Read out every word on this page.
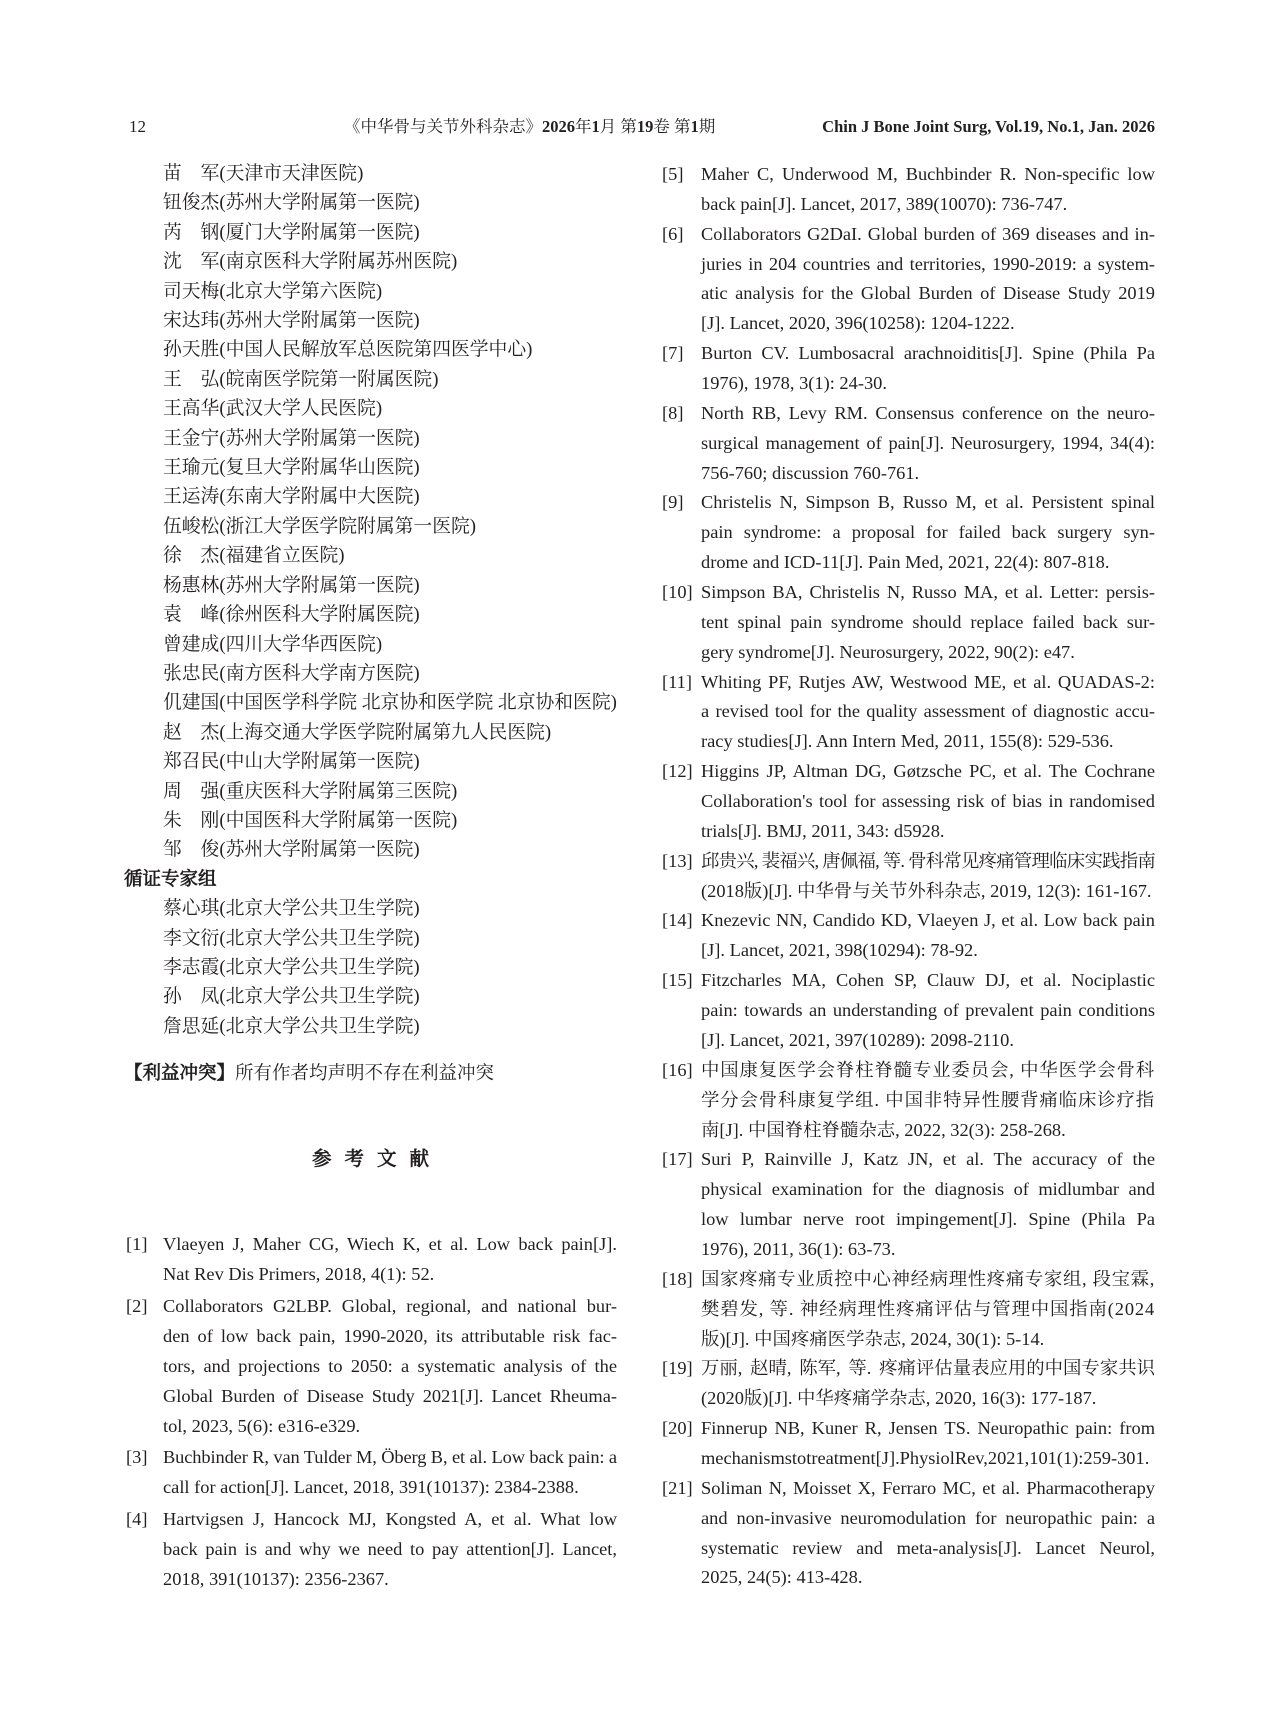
12	《中华骨与关节外科杂志》2026年1月 第19卷 第1期	Chin J Bone Joint Surg, Vol.19, No.1, Jan. 2026
苗　军(天津市天津医院)
钮俊杰(苏州大学附属第一医院)
芮　钢(厦门大学附属第一医院)
沈　军(南京医科大学附属苏州医院)
司天梅(北京大学第六医院)
宋达玮(苏州大学附属第一医院)
孙天胜(中国人民解放军总医院第四医学中心)
王　弘(皖南医学院第一附属医院)
王高华(武汉大学人民医院)
王金宁(苏州大学附属第一医院)
王瑜元(复旦大学附属华山医院)
王运涛(东南大学附属中大医院)
伍峻松(浙江大学医学院附属第一医院)
徐　杰(福建省立医院)
杨惠林(苏州大学附属第一医院)
袁　峰(徐州医科大学附属医院)
曾建成(四川大学华西医院)
张忠民(南方医科大学南方医院)
仉建国(中国医学科学院 北京协和医学院 北京协和医院)
赵　杰(上海交通大学医学院附属第九人民医院)
郑召民(中山大学附属第一医院)
周　强(重庆医科大学附属第三医院)
朱　刚(中国医科大学附属第一医院)
邹　俊(苏州大学附属第一医院)
循证专家组
蔡心琪(北京大学公共卫生学院)
李文衍(北京大学公共卫生学院)
李志霞(北京大学公共卫生学院)
孙　凤(北京大学公共卫生学院)
詹思延(北京大学公共卫生学院)
【利益冲突】所有作者均声明不存在利益冲突
参考文献
[1] Vlaeyen J, Maher CG, Wiech K, et al. Low back pain[J].
Nat Rev Dis Primers, 2018, 4(1): 52.
[2] Collaborators G2LBP. Global, regional, and national bur-
den of low back pain, 1990-2020, its attributable risk fac-
tors, and projections to 2050: a systematic analysis of the
Global Burden of Disease Study 2021[J]. Lancet Rheuma-
tol, 2023, 5(6): e316-e329.
[3] Buchbinder R, van Tulder M, Öberg B, et al. Low back pain: a
call for action[J]. Lancet, 2018, 391(10137): 2384-2388.
[4] Hartvigsen J, Hancock MJ, Kongsted A, et al. What low
back pain is and why we need to pay attention[J]. Lancet,
2018, 391(10137): 2356-2367.
[5] Maher C, Underwood M, Buchbinder R. Non-specific low
back pain[J]. Lancet, 2017, 389(10070): 736-747.
[6] Collaborators G2DaI. Global burden of 369 diseases and in-
juries in 204 countries and territories, 1990-2019: a system-
atic analysis for the Global Burden of Disease Study 2019
[J]. Lancet, 2020, 396(10258): 1204-1222.
[7] Burton CV. Lumbosacral arachnoiditis[J]. Spine (Phila Pa
1976), 1978, 3(1): 24-30.
[8] North RB, Levy RM. Consensus conference on the neuro-
surgical management of pain[J]. Neurosurgery, 1994, 34(4):
756-760; discussion 760-761.
[9] Christelis N, Simpson B, Russo M, et al. Persistent spinal
pain syndrome: a proposal for failed back surgery syn-
drome and ICD-11[J]. Pain Med, 2021, 22(4): 807-818.
[10] Simpson BA, Christelis N, Russo MA, et al. Letter: persis-
tent spinal pain syndrome should replace failed back sur-
gery syndrome[J]. Neurosurgery, 2022, 90(2): e47.
[11] Whiting PF, Rutjes AW, Westwood ME, et al. QUADAS-2:
a revised tool for the quality assessment of diagnostic accu-
racy studies[J]. Ann Intern Med, 2011, 155(8): 529-536.
[12] Higgins JP, Altman DG, Gøtzsche PC, et al. The Cochrane
Collaboration's tool for assessing risk of bias in randomised
trials[J]. BMJ, 2011, 343: d5928.
[13] 邱贵兴, 裴福兴, 唐佩福, 等. 骨科常见疼痛管理临床实践指南
(2018版)[J]. 中华骨与关节外科杂志, 2019, 12(3): 161-167.
[14] Knezevic NN, Candido KD, Vlaeyen J, et al. Low back pain
[J]. Lancet, 2021, 398(10294): 78-92.
[15] Fitzcharles MA, Cohen SP, Clauw DJ, et al. Nociplastic
pain: towards an understanding of prevalent pain conditions
[J]. Lancet, 2021, 397(10289): 2098-2110.
[16] 中国康复医学会脊柱脊髓专业委员会, 中华医学会骨科
学分会骨科康复学组. 中国非特异性腰背痛临床诊疗指
南[J]. 中国脊柱脊髓杂志, 2022, 32(3): 258-268.
[17] Suri P, Rainville J, Katz JN, et al. The accuracy of the
physical examination for the diagnosis of midlumbar and
low lumbar nerve root impingement[J]. Spine (Phila Pa
1976), 2011, 36(1): 63-73.
[18] 国家疼痛专业质控中心神经病理性疼痛专家组, 段宝霖,
樊碧发, 等. 神经病理性疼痛评估与管理中国指南(2024
版)[J]. 中国疼痛医学杂志, 2024, 30(1): 5-14.
[19] 万丽, 赵晴, 陈军, 等. 疼痛评估量表应用的中国专家共识
(2020版)[J]. 中华疼痛学杂志, 2020, 16(3): 177-187.
[20] Finnerup NB, Kuner R, Jensen TS. Neuropathic pain: from
mechanismstotreatment[J].PhysiolRev,2021,101(1):259-301.
[21] Soliman N, Moisset X, Ferraro MC, et al. Pharmacotherapy
and non-invasive neuromodulation for neuropathic pain: a
systematic review and meta-analysis[J]. Lancet Neurol,
2025, 24(5): 413-428.
